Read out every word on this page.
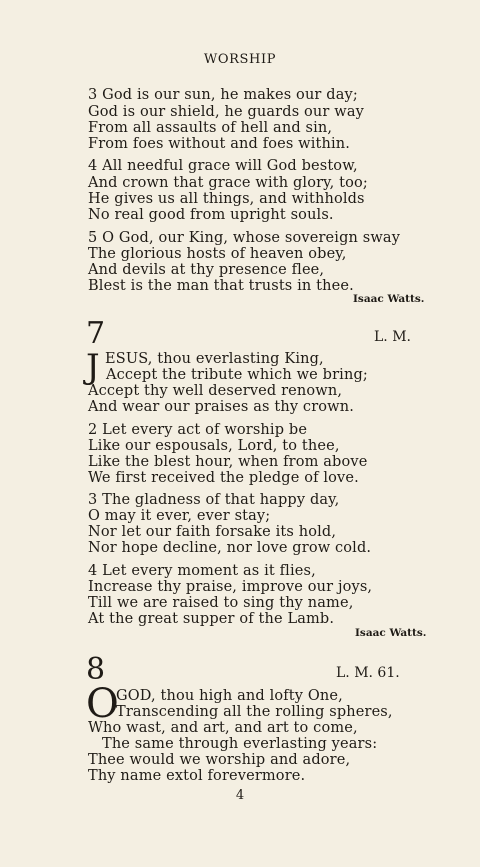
WORSHIP
3 God is our sun, he makes our day;
God is our shield, he guards our way
From all assaults of hell and sin,
From foes without and foes within.
4 All needful grace will God bestow,
And crown that grace with glory, too;
He gives us all things, and withholds
No real good from upright souls.
5 O God, our King, whose sovereign sway
The glorious hosts of heaven obey,
And devils at thy presence flee,
Blest is the man that trusts in thee.
Isaac Watts.
7	L. M.
J ESUS, thou everlasting King,
Accept the tribute which we bring;
Accept thy well deserved renown,
And wear our praises as thy crown.
2 Let every act of worship be
Like our espousals, Lord, to thee,
Like the blest hour, when from above
We first received the pledge of love.
3 The gladness of that happy day,
O may it ever, ever stay;
Nor let our faith forsake its hold,
Nor hope decline, nor love grow cold.
4 Let every moment as it flies,
Increase thy praise, improve our joys,
Till we are raised to sing thy name,
At the great supper of the Lamb.
Isaac Watts.
8	L. M. 61.
O
GOD, thou high and lofty One,
Transcending all the rolling spheres,
Who wast, and art, and art to come,
The same through everlasting years:
Thee would we worship and adore,
Thy name extol forevermore.
4
